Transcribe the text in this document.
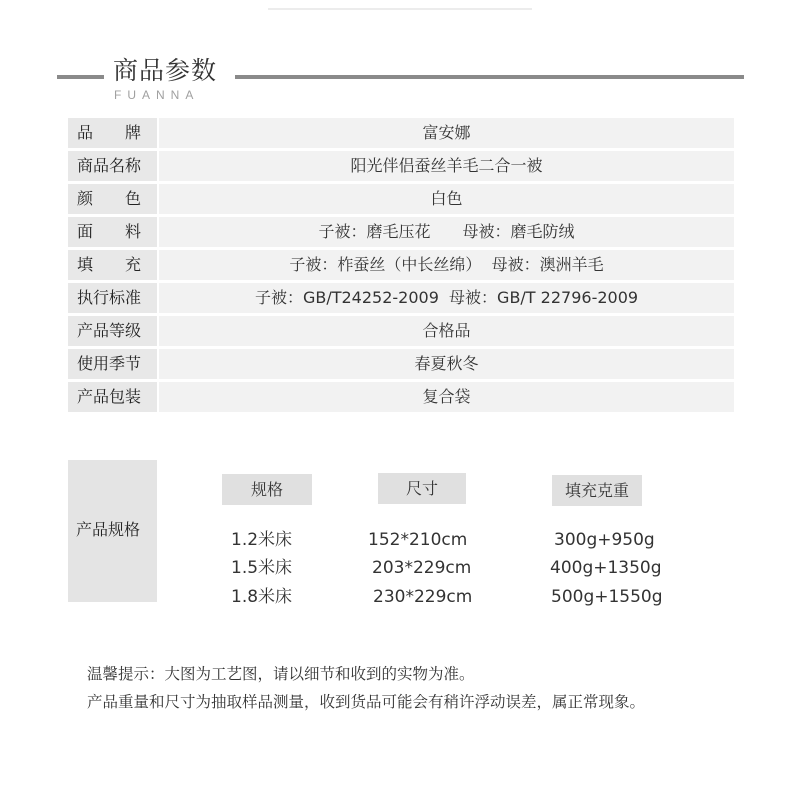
商品参数
FUANNA
品　　牌	富安娜
商品名称	阳光伴侣蚕丝羊毛二合一被
颜　　色	白色
面　　料	子被：磨毛压花　　母被：磨毛防绒
填　　充	子被：柞蚕丝（中长丝绵）  母被：澳洲羊毛
执行标准	子被：GB/T24252-2009  母被：GB/T 22796-2009
产品等级	合格品
使用季节	春夏秋冬
产品包装	复合袋
产品规格
规格	尺寸	填充克重
1.2米床	152*210cm	300g+950g
1.5米床	203*229cm	400g+1350g
1.8米床	230*229cm	500g+1550g
温馨提示：大图为工艺图，请以细节和收到的实物为准。
产品重量和尺寸为抽取样品测量，收到货品可能会有稍许浮动误差，属正常现象。
